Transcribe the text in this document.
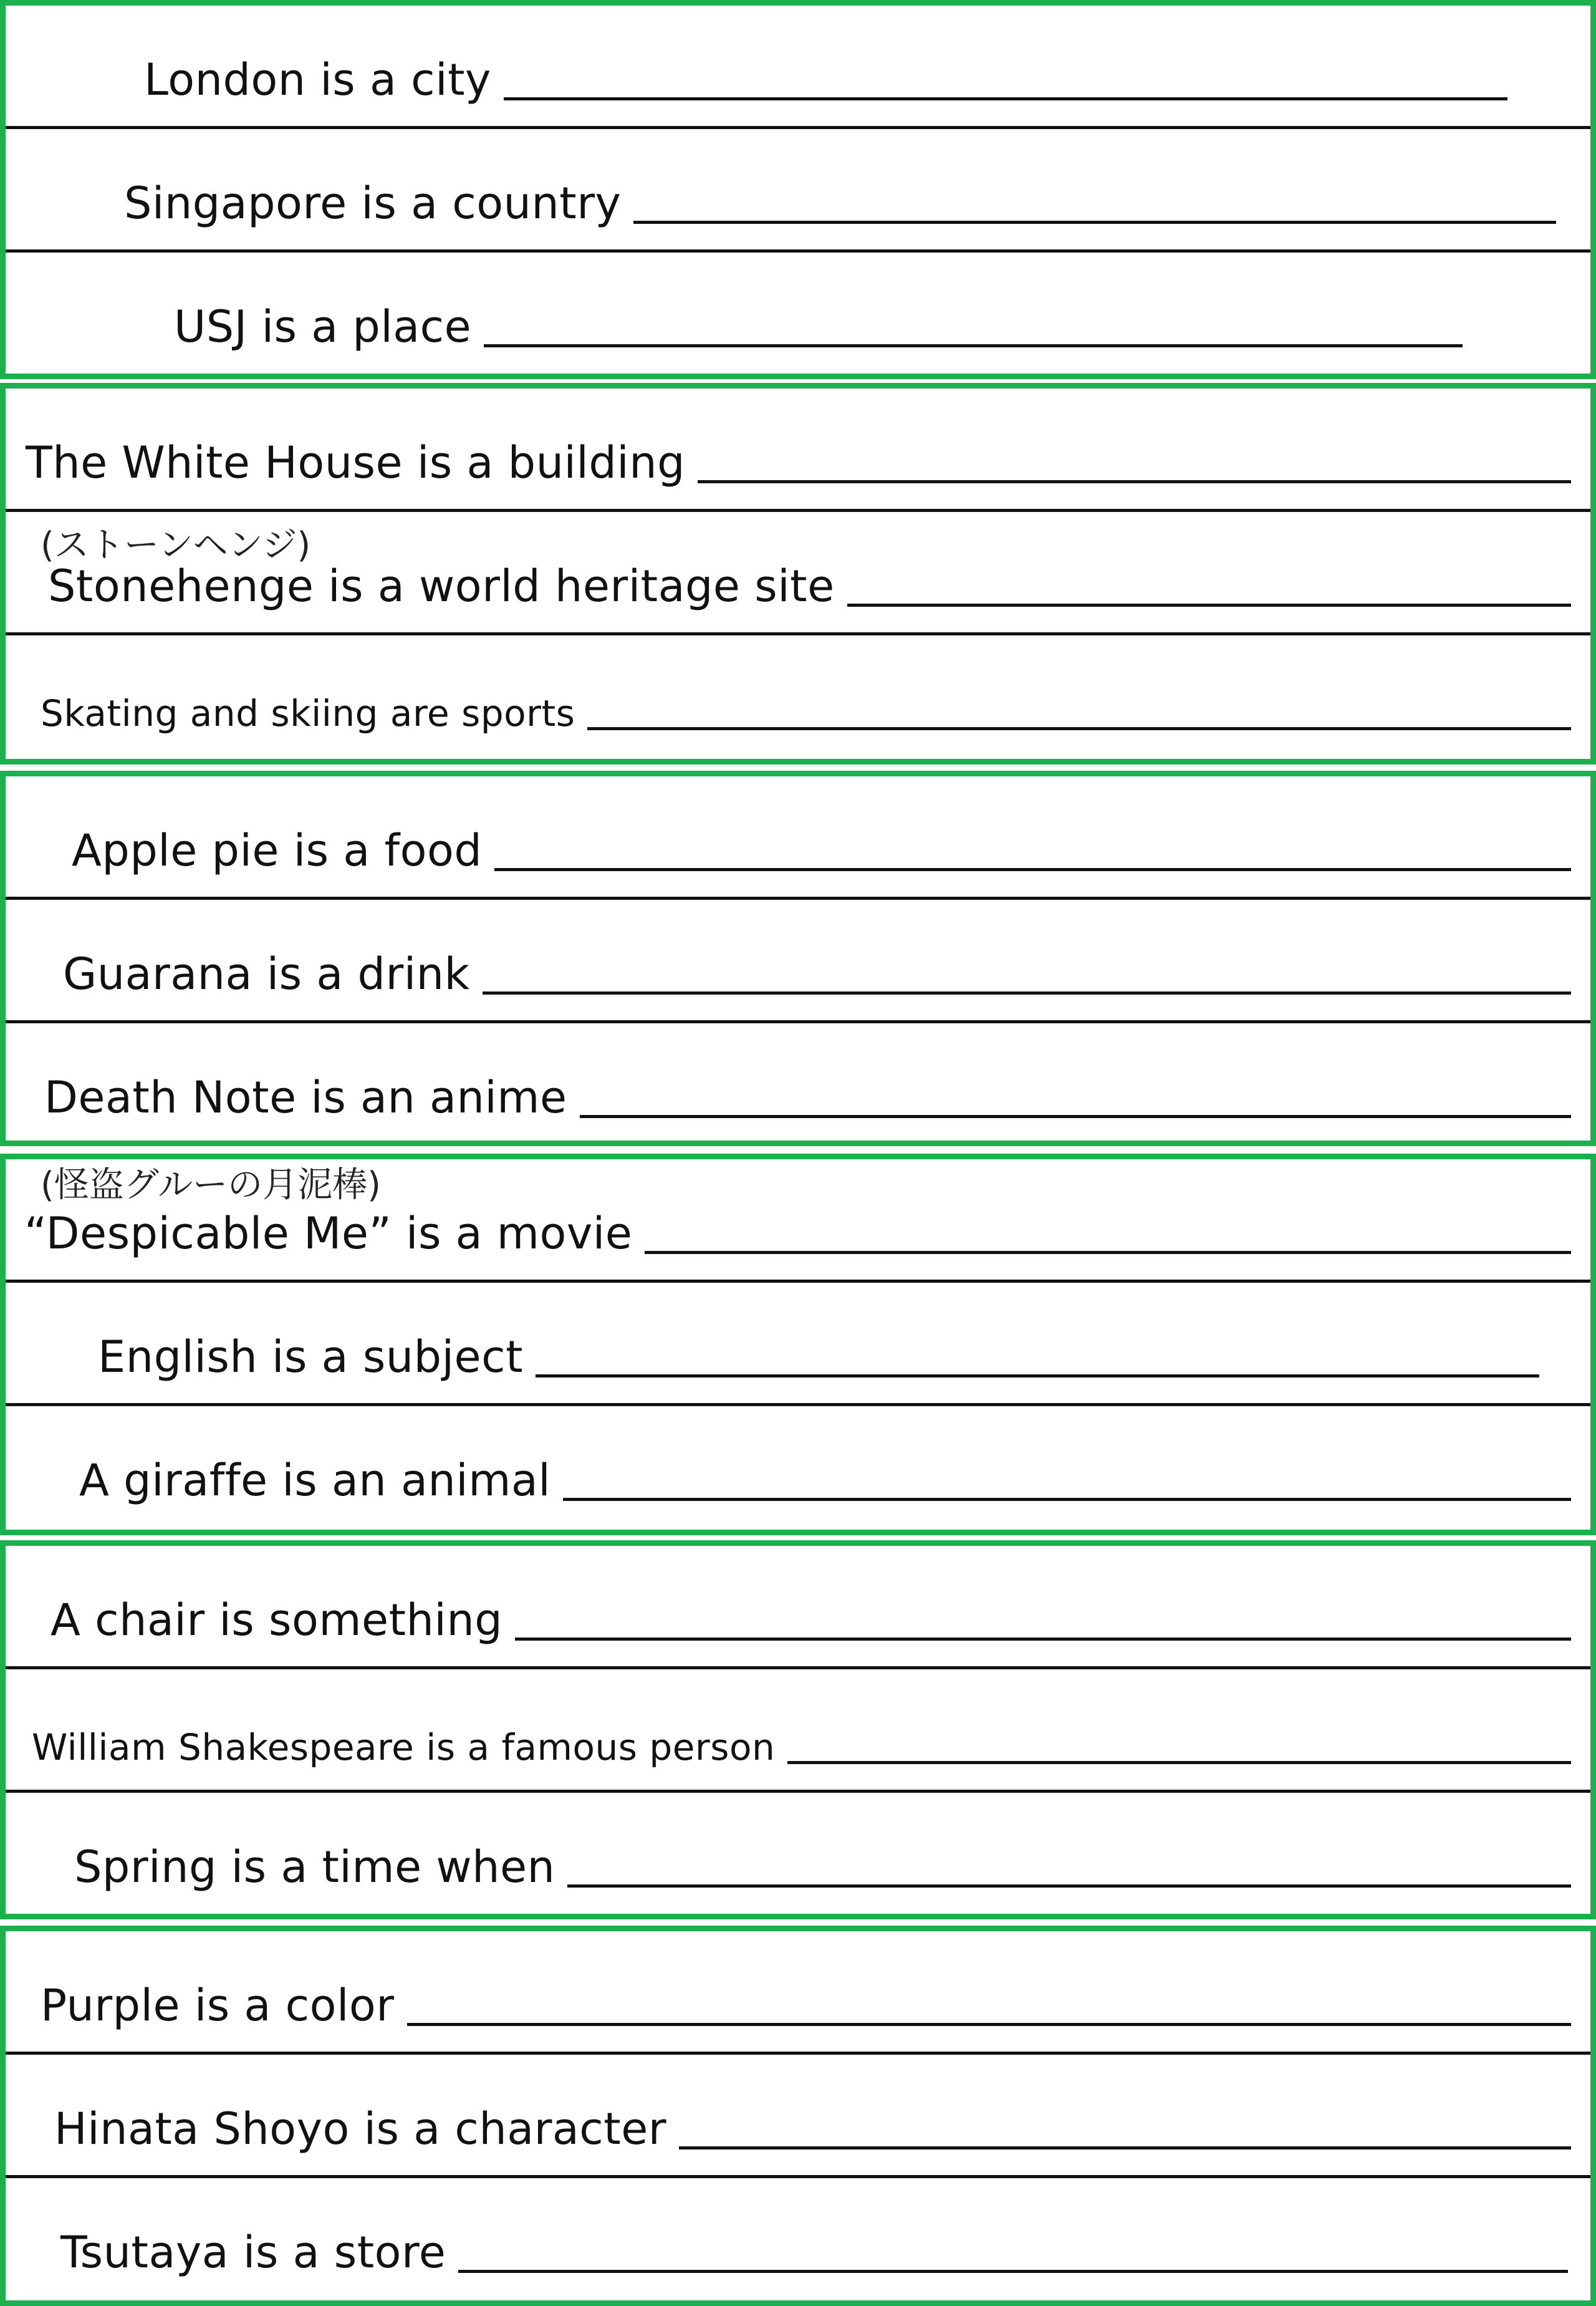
London is a city
Singapore is a country
USJ is a place
The White House is a building
(ストーンヘンジ)
Stonehenge is a world heritage site
Skating and skiing are sports
Apple pie is a food
Guarana is a drink
Death Note is an anime
(怪盗グルーの月泥棒)
“Despicable Me” is a movie
English is a subject
A giraffe is an animal
A chair is something
William Shakespeare is a famous person
Spring is a time when
Purple is a color
Hinata Shoyo is a character
Tsutaya is a store
